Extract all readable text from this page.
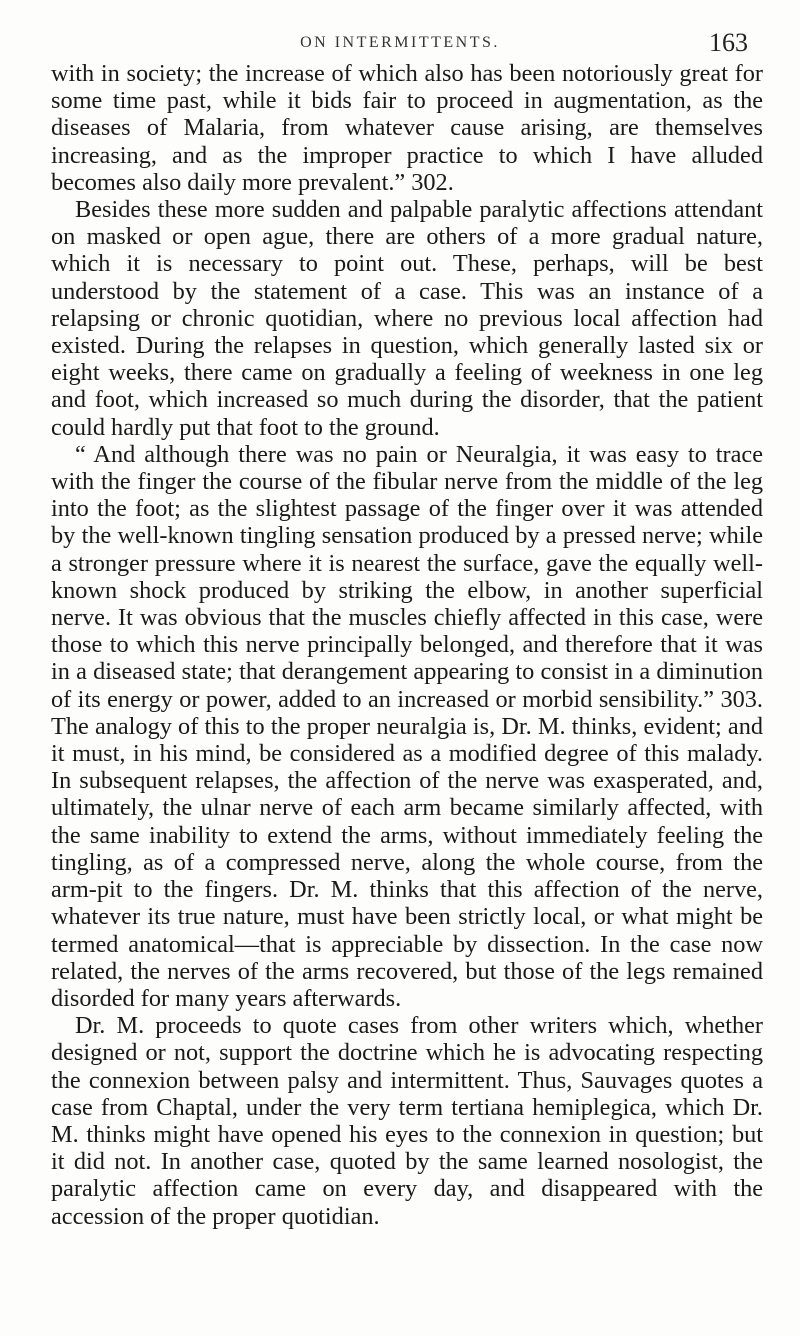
ON INTERMITTENTS.	163

with in society; the increase of which also has been notoriously great for some time past, while it bids fair to proceed in augmentation, as the diseases of Malaria, from whatever cause arising, are themselves increasing, and as the improper practice to which I have alluded becomes also daily more prevalent.” 302.

Besides these more sudden and palpable paralytic affections attendant on masked or open ague, there are others of a more gradual nature, which it is necessary to point out. These, perhaps, will be best understood by the statement of a case. This was an instance of a relapsing or chronic quotidian, where no previous local affection had existed. During the relapses in question, which generally lasted six or eight weeks, there came on gradually a feeling of weekness in one leg and foot, which increased so much during the disorder, that the patient could hardly put that foot to the ground.

“ And although there was no pain or Neuralgia, it was easy to trace with the finger the course of the fibular nerve from the middle of the leg into the foot; as the slightest passage of the finger over it was attended by the well-known tingling sensation produced by a pressed nerve; while a stronger pressure where it is nearest the surface, gave the equally well-known shock produced by striking the elbow, in another superficial nerve. It was obvious that the muscles chiefly affected in this case, were those to which this nerve principally belonged, and therefore that it was in a diseased state; that derangement appearing to consist in a diminution of its energy or power, added to an increased or morbid sensibility.” 303. The analogy of this to the proper neuralgia is, Dr. M. thinks, evident; and it must, in his mind, be considered as a modified degree of this malady. In subsequent relapses, the affection of the nerve was exasperated, and, ultimately, the ulnar nerve of each arm became similarly affected, with the same inability to extend the arms, without immediately feeling the tingling, as of a compressed nerve, along the whole course, from the arm-pit to the fingers. Dr. M. thinks that this affection of the nerve, whatever its true nature, must have been strictly local, or what might be termed anatomical—that is appreciable by dissection. In the case now related, the nerves of the arms recovered, but those of the legs remained disorded for many years afterwards.

Dr. M. proceeds to quote cases from other writers which, whether designed or not, support the doctrine which he is advocating respecting the connexion between palsy and intermittent. Thus, Sauvages quotes a case from Chaptal, under the very term tertiana hemiplegica, which Dr. M. thinks might have opened his eyes to the connexion in question; but it did not. In another case, quoted by the same learned nosologist, the paralytic affection came on every day, and disappeared with the accession of the proper quotidian.
